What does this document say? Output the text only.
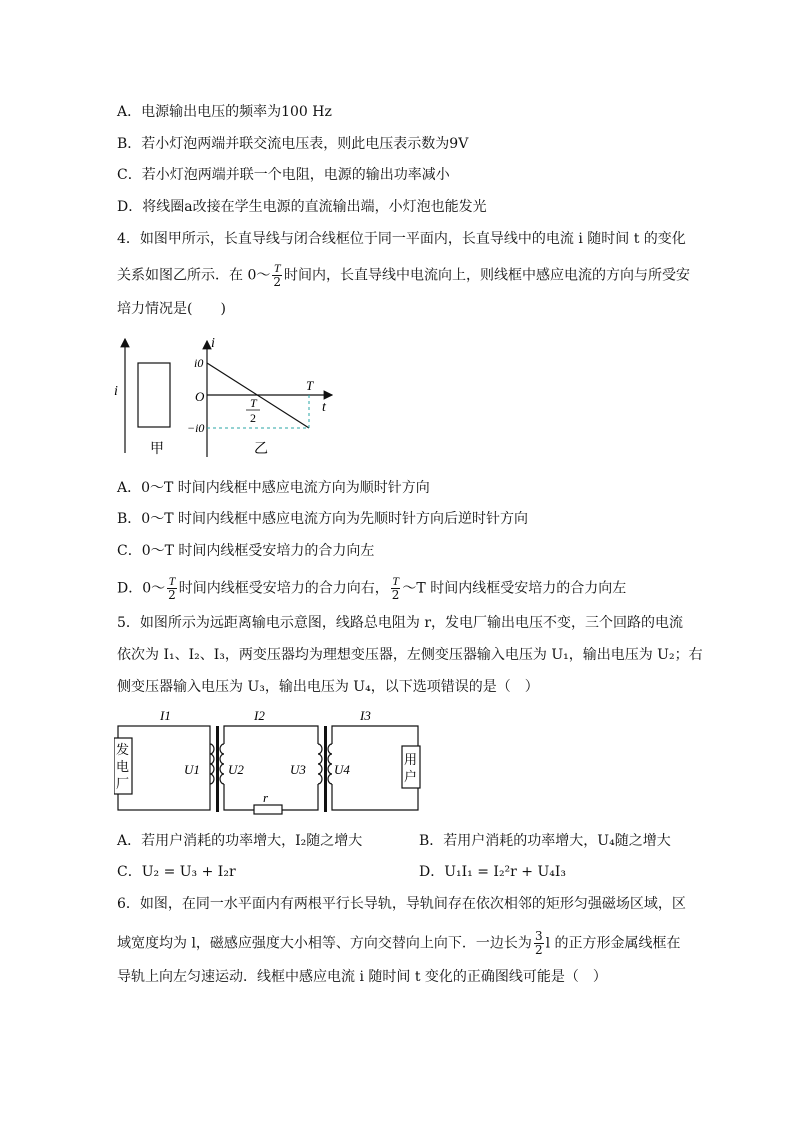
A．电源输出电压的频率为100 Hz
B．若小灯泡两端并联交流电压表，则此电压表示数为9V
C．若小灯泡两端并联一个电阻，电源的输出功率减小
D．将线圈a改接在学生电源的直流输出端，小灯泡也能发光
4．如图甲所示，长直导线与闭合线框位于同一平面内，长直导线中的电流 i 随时间 t 的变化
关系如图乙所示．在 0～ $\frac{T}{2}$ 时间内，长直导线中电流向上，则线框中感应电流的方向与所受安
培力情况是(　　)
i
甲
i
t
O
i0
−i0
T
T
2
乙
A．0～T 时间内线框中感应电流方向为顺时针方向
B．0～T 时间内线框中感应电流方向为先顺时针方向后逆时针方向
C．0～T 时间内线框受安培力的合力向左
D．0～ $\frac{T}{2}$ 时间内线框受安培力的合力向右， $\frac{T}{2}$ ～T 时间内线框受安培力的合力向左
5．如图所示为远距离输电示意图，线路总电阻为 r，发电厂输出电压不变，三个回路的电流
依次为 I₁、I₂、I₃，两变压器均为理想变压器，左侧变压器输入电压为 U₁，输出电压为 U₂；右
侧变压器输入电压为 U₃，输出电压为 U₄，以下选项错误的是（　）
发
电
厂
I1
U1 U2
r
I2
U3 U4
用
户
I3
A．若用户消耗的功率增大，I₂随之增大	B．若用户消耗的功率增大，U₄随之增大
C．U₂ = U₃ + I₂r	D．U₁I₁ = I₂²r + U₄I₃
6．如图，在同一水平面内有两根平行长导轨，导轨间存在依次相邻的矩形匀强磁场区域，区
域宽度均为 l，磁感应强度大小相等、方向交替向上向下．一边长为 $\frac{3}{2}$ l 的正方形金属线框在
导轨上向左匀速运动．线框中感应电流 i 随时间 t 变化的正确图线可能是（　）
